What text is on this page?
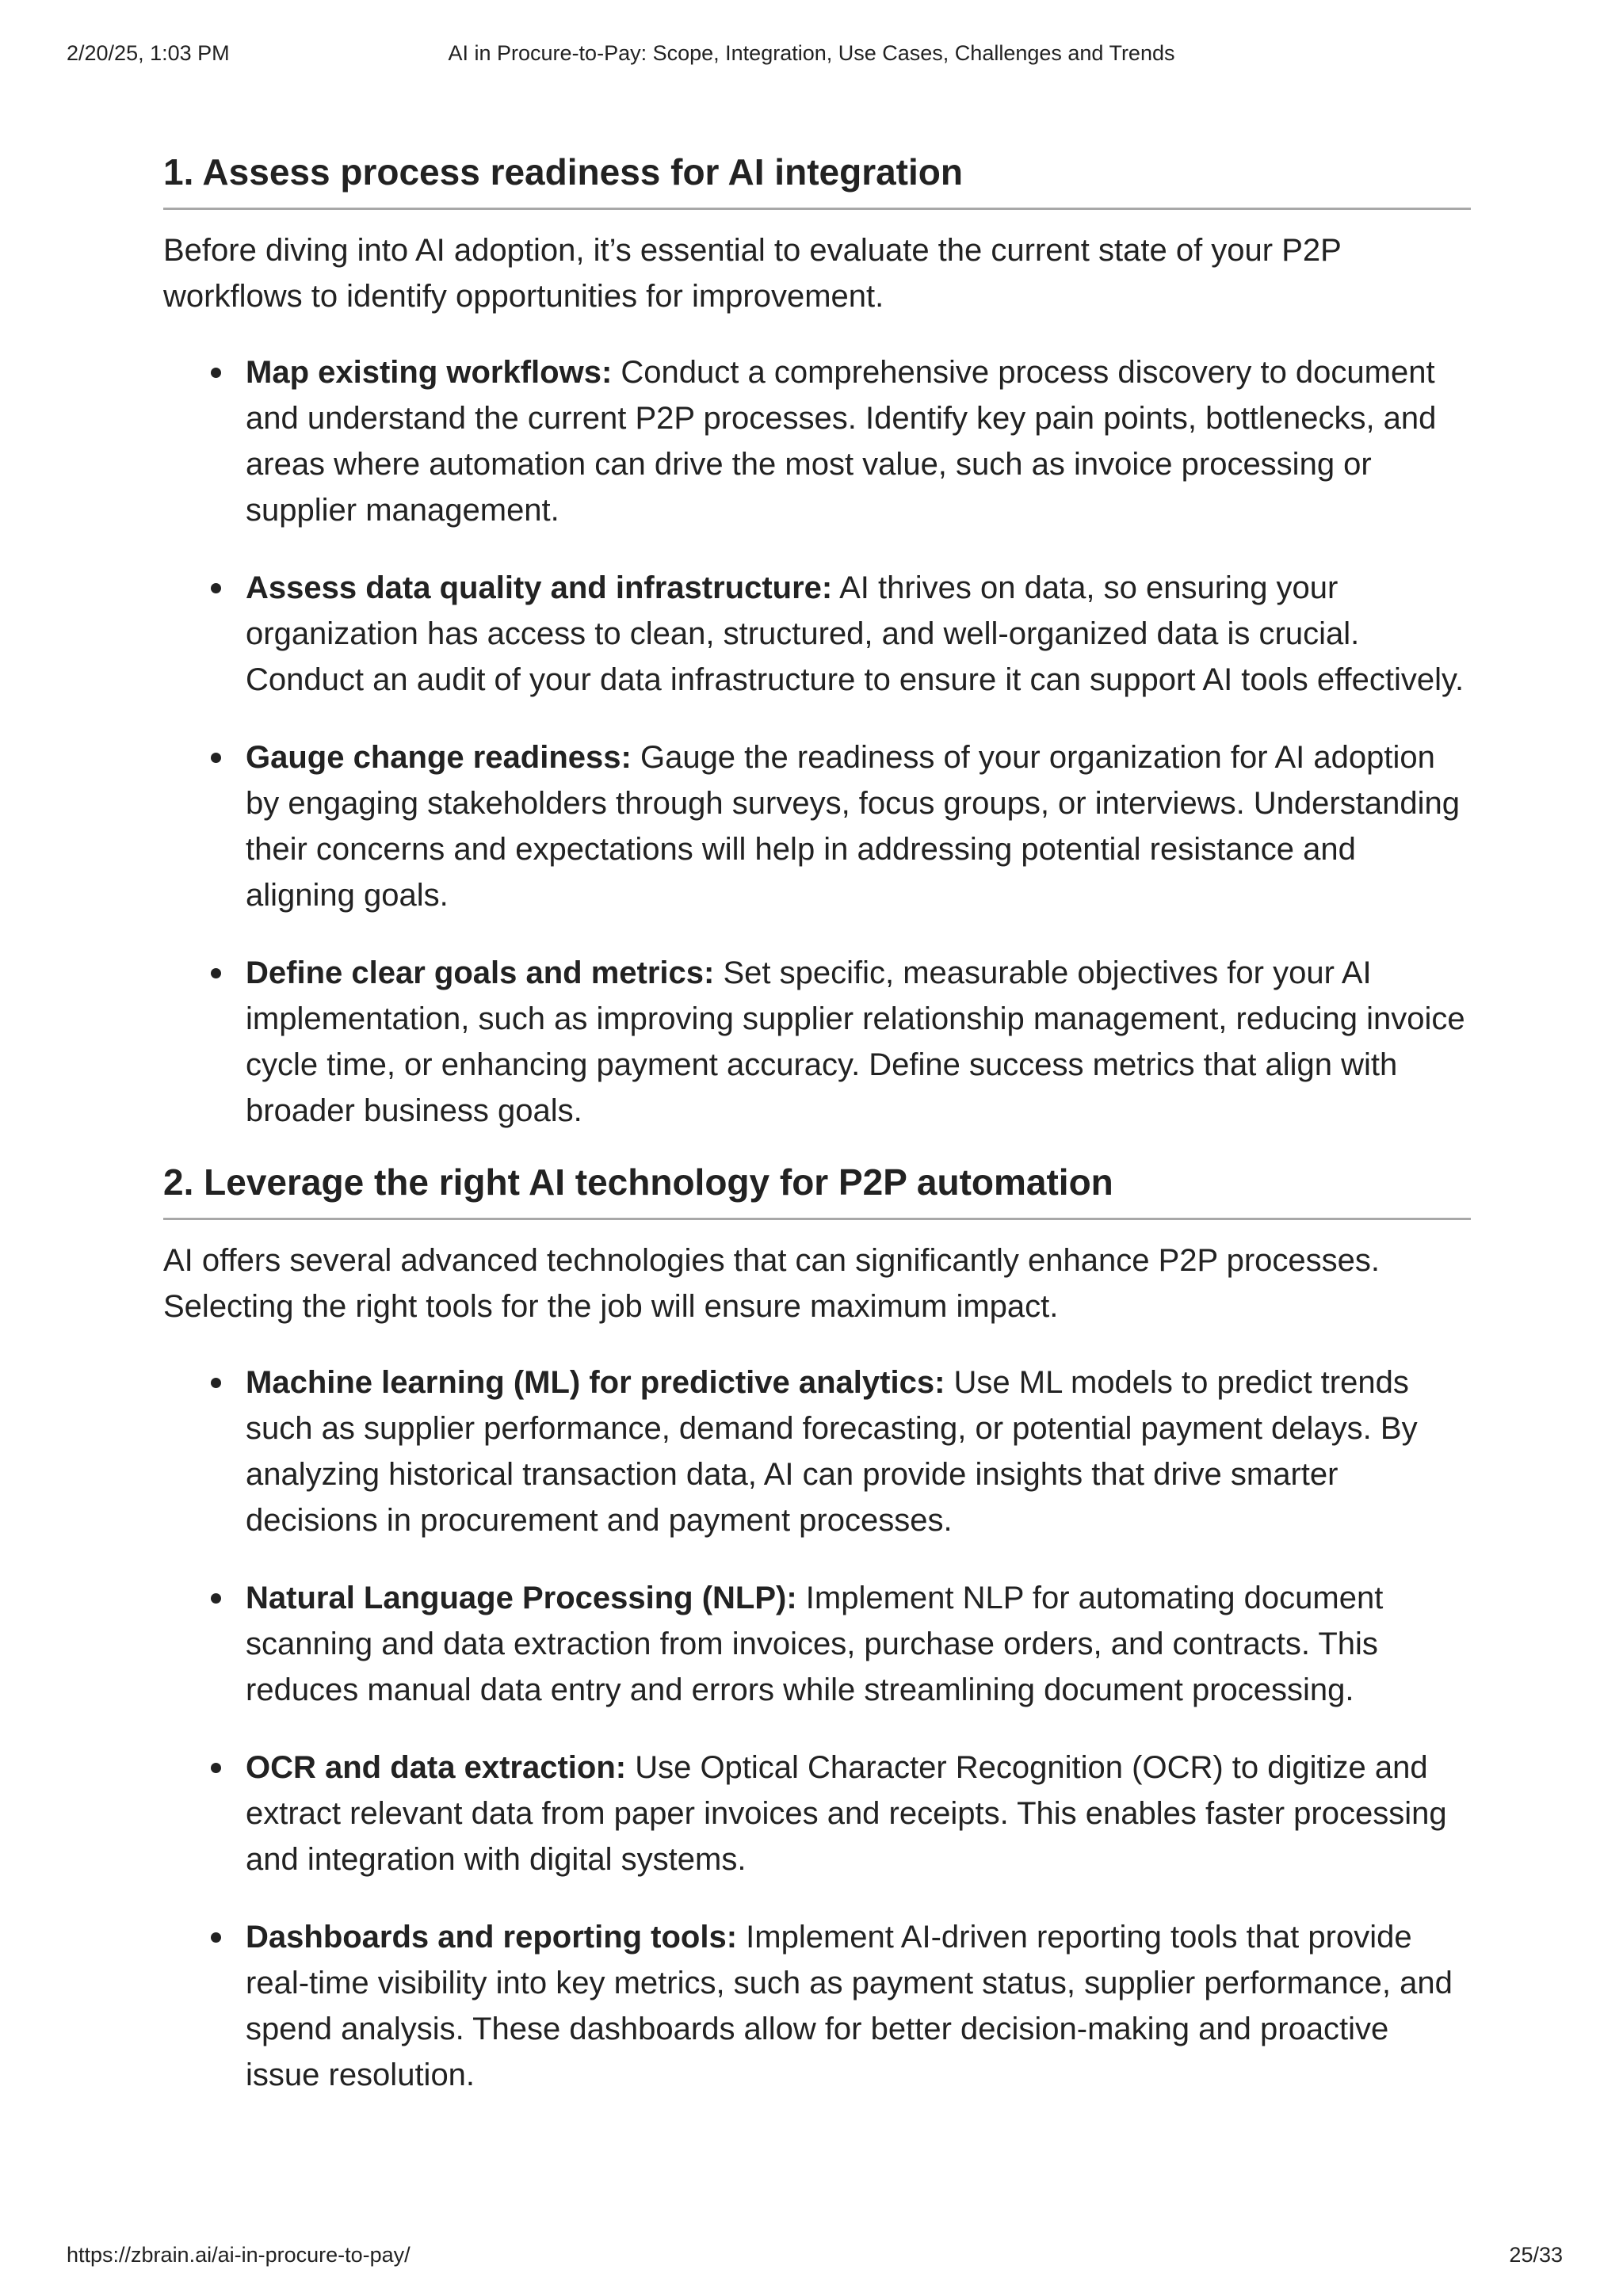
2/20/25, 1:03 PM	AI in Procure-to-Pay: Scope, Integration, Use Cases, Challenges and Trends
1. Assess process readiness for AI integration

Before diving into AI adoption, it’s essential to evaluate the current state of your P2P workflows to identify opportunities for improvement.

Map existing workflows: Conduct a comprehensive process discovery to document and understand the current P2P processes. Identify key pain points, bottlenecks, and areas where automation can drive the most value, such as invoice processing or supplier management.
Assess data quality and infrastructure: AI thrives on data, so ensuring your organization has access to clean, structured, and well-organized data is crucial. Conduct an audit of your data infrastructure to ensure it can support AI tools effectively.
Gauge change readiness: Gauge the readiness of your organization for AI adoption by engaging stakeholders through surveys, focus groups, or interviews. Understanding their concerns and expectations will help in addressing potential resistance and aligning goals.
Define clear goals and metrics: Set specific, measurable objectives for your AI implementation, such as improving supplier relationship management, reducing invoice cycle time, or enhancing payment accuracy. Define success metrics that align with broader business goals.
2. Leverage the right AI technology for P2P automation

AI offers several advanced technologies that can significantly enhance P2P processes. Selecting the right tools for the job will ensure maximum impact.

Machine learning (ML) for predictive analytics: Use ML models to predict trends such as supplier performance, demand forecasting, or potential payment delays. By analyzing historical transaction data, AI can provide insights that drive smarter decisions in procurement and payment processes.
Natural Language Processing (NLP): Implement NLP for automating document scanning and data extraction from invoices, purchase orders, and contracts. This reduces manual data entry and errors while streamlining document processing.
OCR and data extraction: Use Optical Character Recognition (OCR) to digitize and extract relevant data from paper invoices and receipts. This enables faster processing and integration with digital systems.
Dashboards and reporting tools: Implement AI-driven reporting tools that provide real-time visibility into key metrics, such as payment status, supplier performance, and spend analysis. These dashboards allow for better decision-making and proactive issue resolution.
https://zbrain.ai/ai-in-procure-to-pay/	25/33
